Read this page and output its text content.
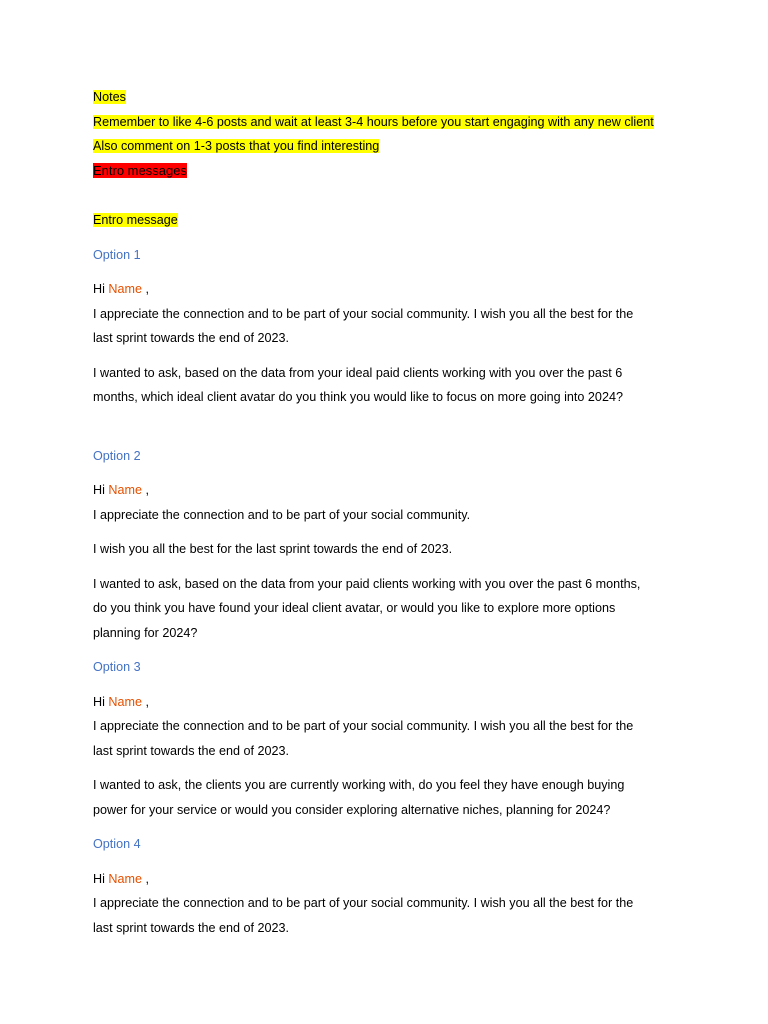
Notes
Remember to like 4-6 posts and wait at least 3-4 hours before you start engaging with any new client
Also comment on 1-3 posts that you find interesting
Entro messages
Entro message
Option 1
Hi Name ,
I appreciate the connection and to be part of your social community. I wish you all the best for the
last sprint towards the end of 2023.
I wanted to ask, based on the data from your ideal paid clients working with you over the past 6
months, which ideal client avatar do you think you would like to focus on more going into 2024?
Option 2
Hi Name ,
I appreciate the connection and to be part of your social community.
I wish you all the best for the last sprint towards the end of 2023.
I wanted to ask, based on the data from your paid clients working with you over the past 6 months,
do you think you have found your ideal client avatar, or would you like to explore more options
planning for 2024?
Option 3
Hi Name ,
I appreciate the connection and to be part of your social community. I wish you all the best for the
last sprint towards the end of 2023.
I wanted to ask, the clients you are currently working with, do you feel they have enough buying
power for your service or would you consider exploring alternative niches, planning for 2024?
Option 4
Hi Name ,
I appreciate the connection and to be part of your social community. I wish you all the best for the
last sprint towards the end of 2023.
